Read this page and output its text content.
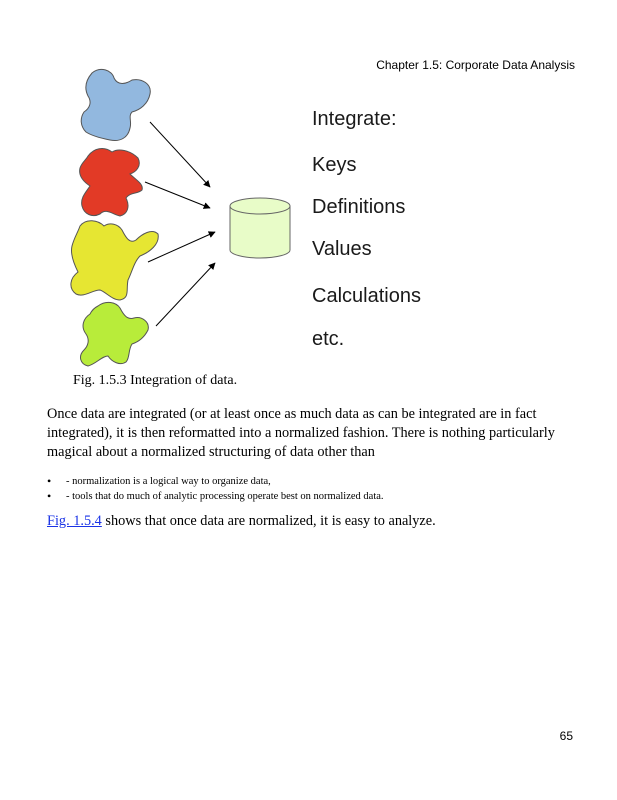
Chapter 1.5: Corporate Data Analysis
Integrate:
Keys
Definitions
Values
Calculations
etc.
Fig. 1.5.3 Integration of data.

Once data are integrated (or at least once as much data as can be integrated are in fact integrated), it is then reformatted into a normalized fashion. There is nothing particularly magical about a normalized structuring of data other than

• - normalization is a logical way to organize data,
• - tools that do much of analytic processing operate best on normalized data.

Fig. 1.5.4 shows that once data are normalized, it is easy to analyze.

65
